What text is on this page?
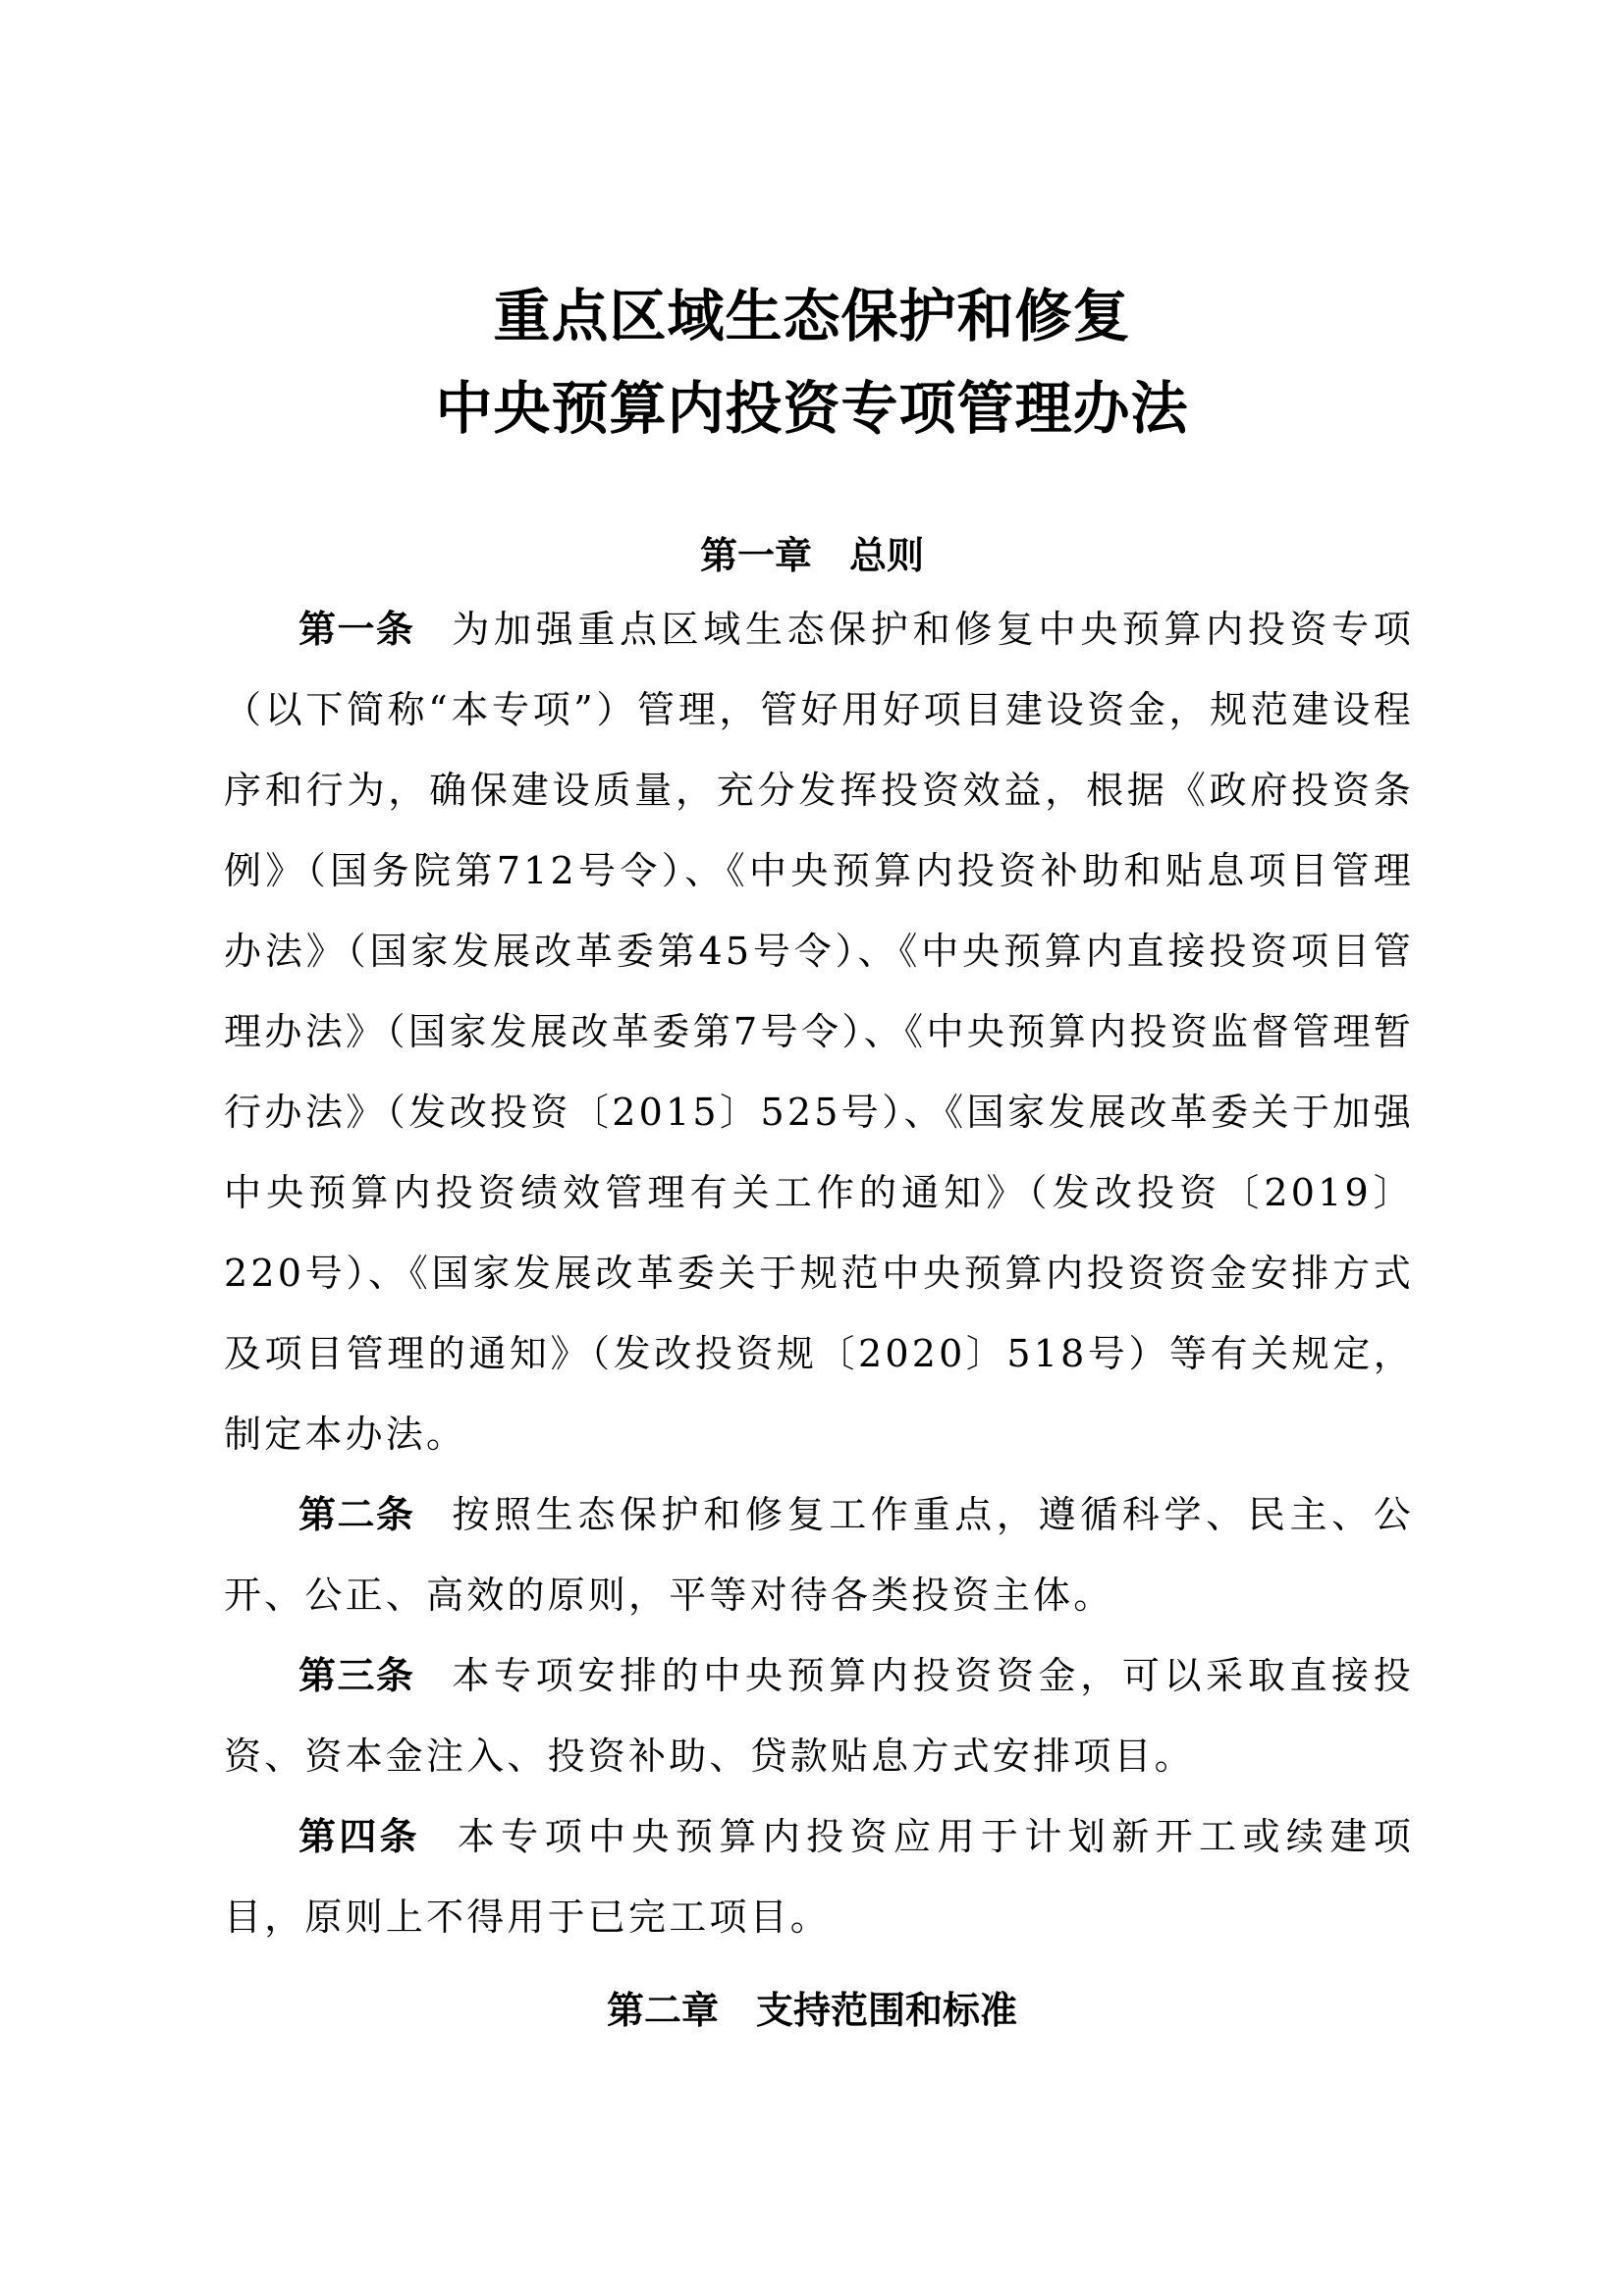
重点区域生态保护和修复
中央预算内投资专项管理办法
第一章　总则

第一条 为加强重点区域生态保护和修复中央预算内投资专项（以下简称“本专项”）管理，管好用好项目建设资金，规范建设程序和行为，确保建设质量，充分发挥投资效益，根据《政府投资条例》（国务院第712号令）、《中央预算内投资补助和贴息项目管理办法》（国家发展改革委第45号令）、《中央预算内直接投资项目管理办法》（国家发展改革委第7号令）、《中央预算内投资监督管理暂行办法》（发改投资〔2015〕525号）、《国家发展改革委关于加强中央预算内投资绩效管理有关工作的通知》（发改投资〔2019〕220号）、《国家发展改革委关于规范中央预算内投资资金安排方式及项目管理的通知》（发改投资规〔2020〕518号）等有关规定，制定本办法。

第二条 按照生态保护和修复工作重点，遵循科学、民主、公开、公正、高效的原则，平等对待各类投资主体。

第三条 本专项安排的中央预算内投资资金，可以采取直接投资、资本金注入、投资补助、贷款贴息方式安排项目。

第四条 本专项中央预算内投资应用于计划新开工或续建项目，原则上不得用于已完工项目。

第二章　支持范围和标准
